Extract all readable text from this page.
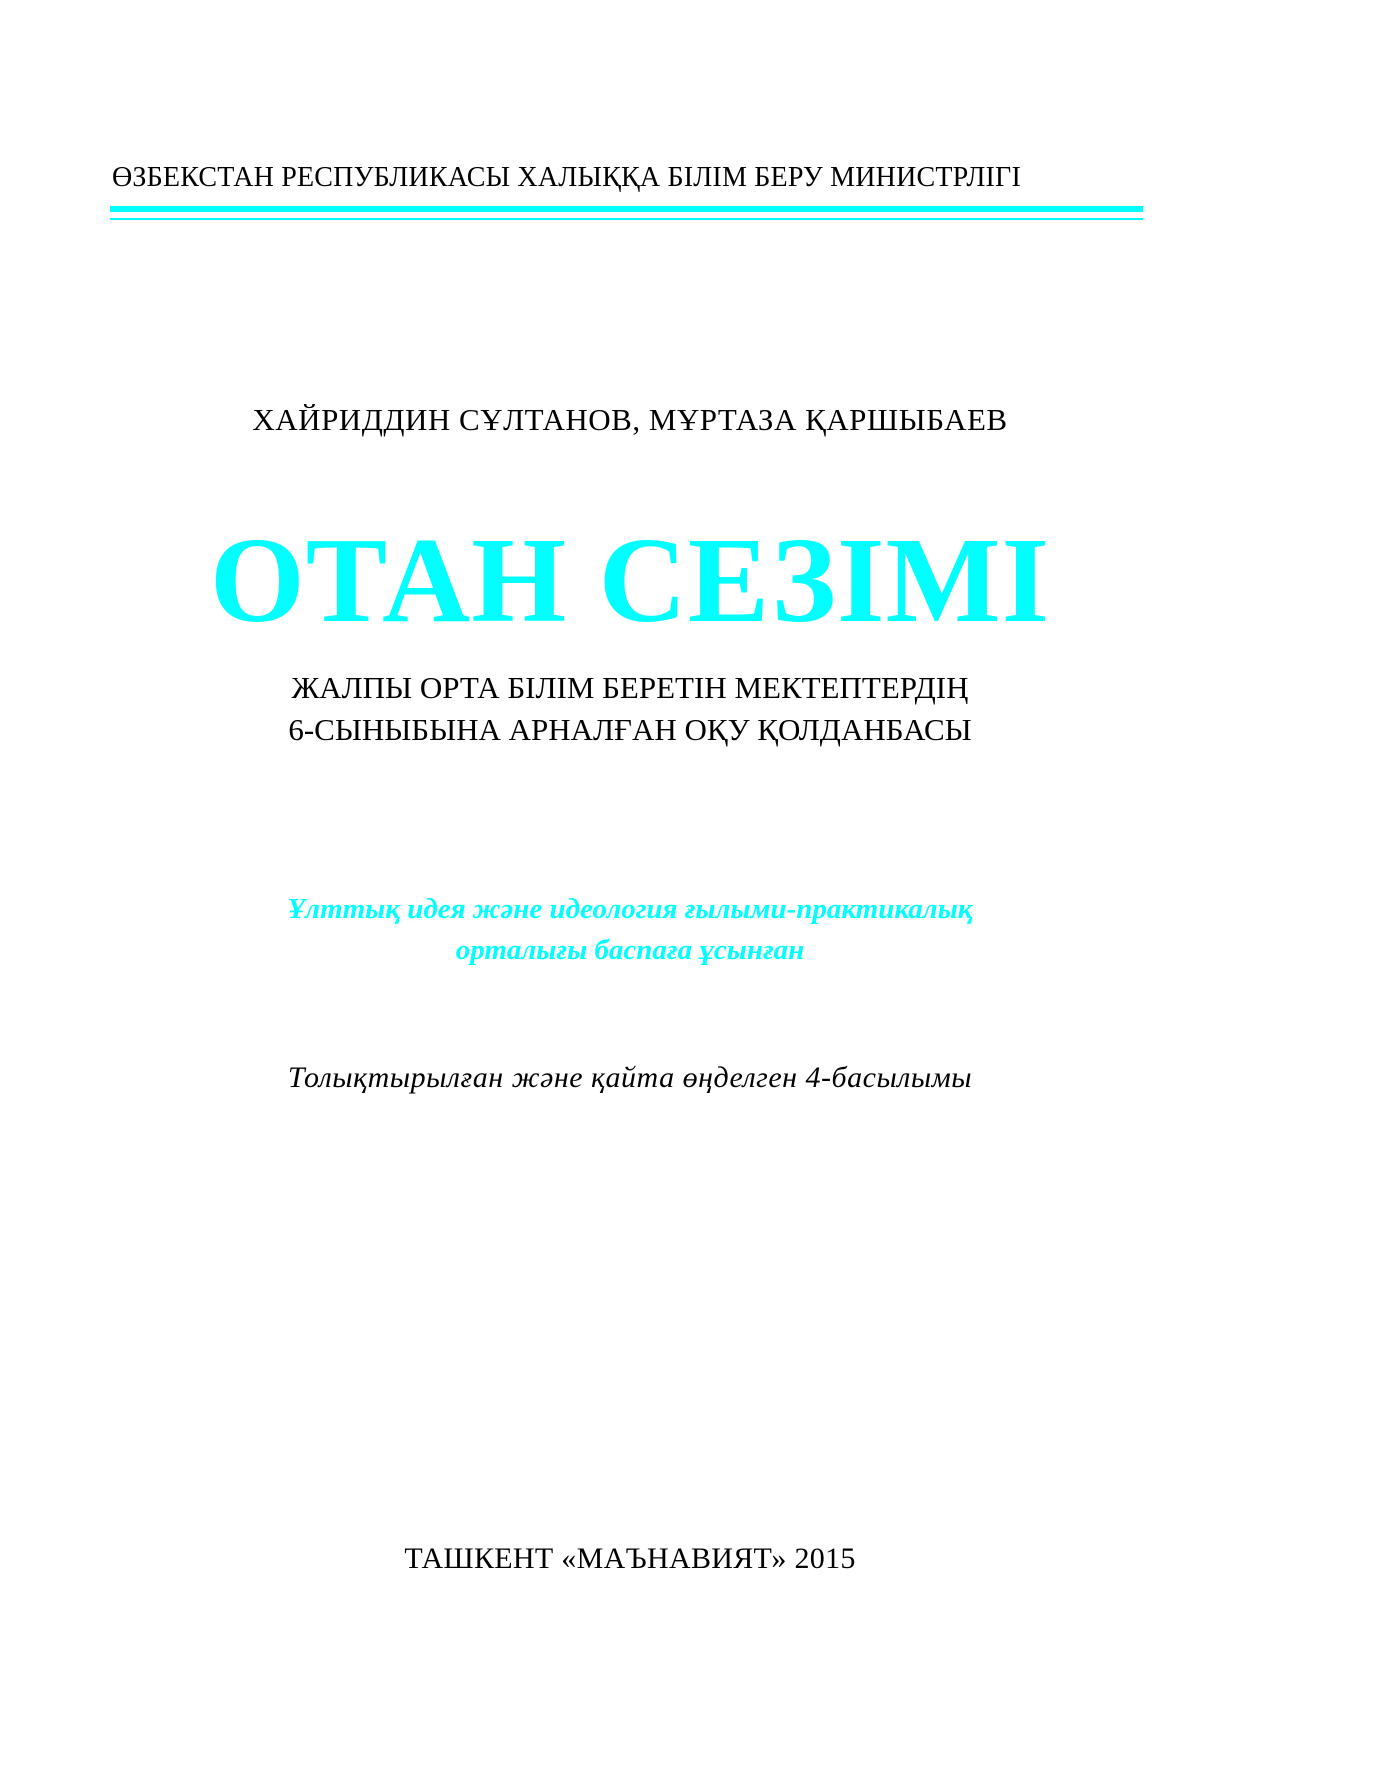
ӨЗБЕКСТАН РЕСПУБЛИКАСЫ ХАЛЫҚҚА БІЛІМ БЕРУ МИНИСТРЛІГІ
ХАЙРИДДИН СҰЛТАНОВ, МҰРТАЗА ҚАРШЫБАЕВ
ОТАН СЕЗІМІ
ЖАЛПЫ ОРТА БІЛІМ БЕРЕТІН МЕКТЕПТЕРДІҢ
6-СЫНЫБЫНА АРНАЛҒАН ОҚУ ҚОЛДАНБАСЫ
Ұлттық идея және идеология ғылыми-практикалық
орталығы баспаға ұсынған
Толықтырылған және қайта өңделген 4-басылымы
ТАШКЕНТ «МАЪНАВИЯТ» 2015
